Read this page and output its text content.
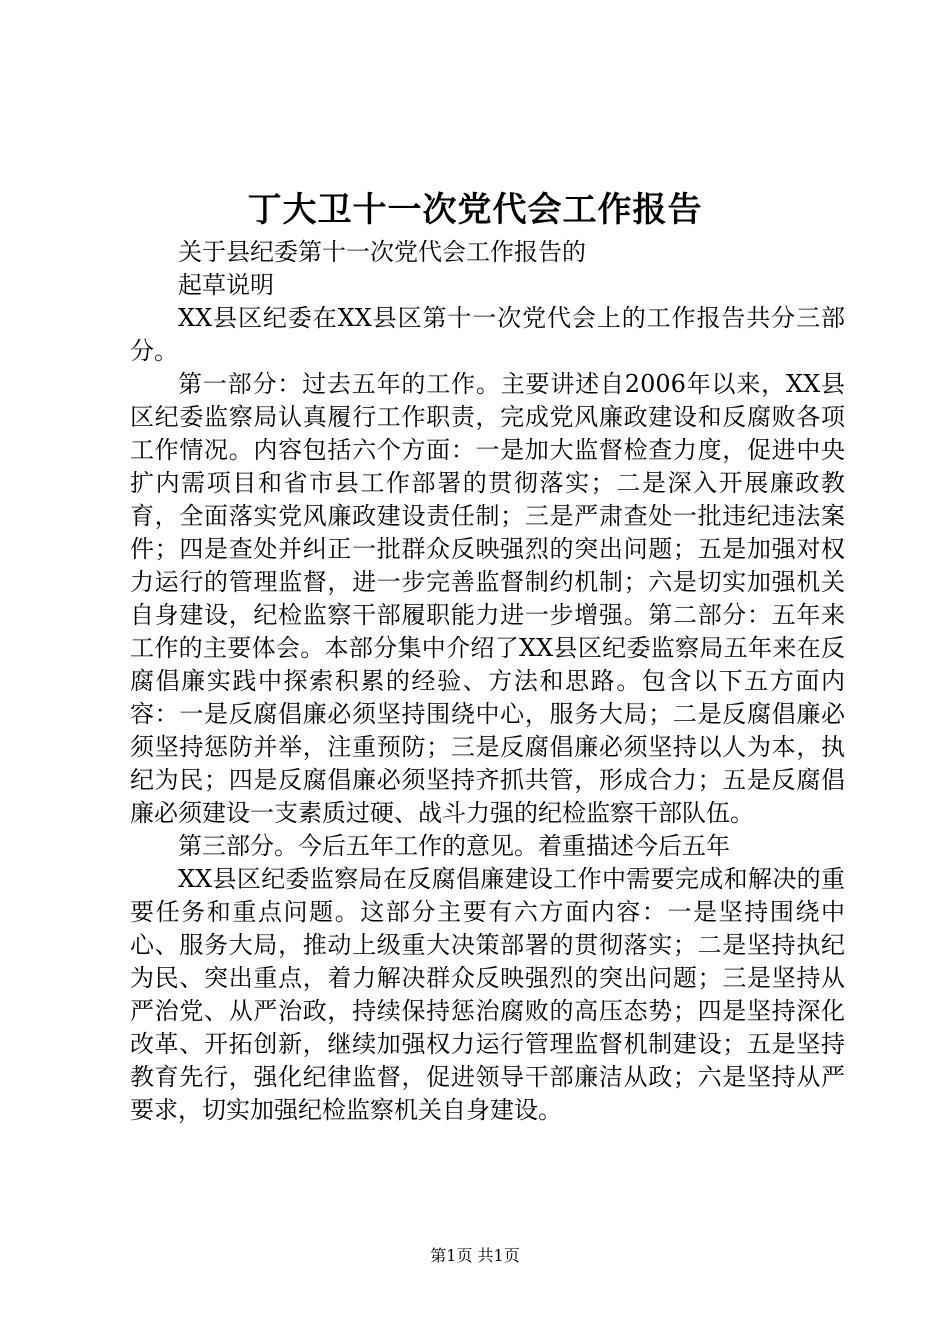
丁大卫十一次党代会工作报告

关于县纪委第十一次党代会工作报告的

起草说明

XX县区纪委在XX县区第十一次党代会上的工作报告共分三部分。

第一部分：过去五年的工作。主要讲述自2006年以来，XX县区纪委监察局认真履行工作职责，完成党风廉政建设和反腐败各项工作情况。内容包括六个方面：一是加大监督检查力度，促进中央扩内需项目和省市县工作部署的贯彻落实；二是深入开展廉政教育，全面落实党风廉政建设责任制；三是严肃查处一批违纪违法案件；四是查处并纠正一批群众反映强烈的突出问题；五是加强对权力运行的管理监督，进一步完善监督制约机制；六是切实加强机关自身建设，纪检监察干部履职能力进一步增强。第二部分：五年来工作的主要体会。本部分集中介绍了XX县区纪委监察局五年来在反腐倡廉实践中探索积累的经验、方法和思路。包含以下五方面内容：一是反腐倡廉必须坚持围绕中心，服务大局；二是反腐倡廉必须坚持惩防并举，注重预防；三是反腐倡廉必须坚持以人为本，执纪为民；四是反腐倡廉必须坚持齐抓共管，形成合力；五是反腐倡廉必须建设一支素质过硬、战斗力强的纪检监察干部队伍。

第三部分。今后五年工作的意见。着重描述今后五年

XX县区纪委监察局在反腐倡廉建设工作中需要完成和解决的重要任务和重点问题。这部分主要有六方面内容：一是坚持围绕中心、服务大局，推动上级重大决策部署的贯彻落实；二是坚持执纪为民、突出重点，着力解决群众反映强烈的突出问题；三是坚持从严治党、从严治政，持续保持惩治腐败的高压态势；四是坚持深化改革、开拓创新，继续加强权力运行管理监督机制建设；五是坚持教育先行，强化纪律监督，促进领导干部廉洁从政；六是坚持从严要求，切实加强纪检监察机关自身建设。

第1页 共1页
